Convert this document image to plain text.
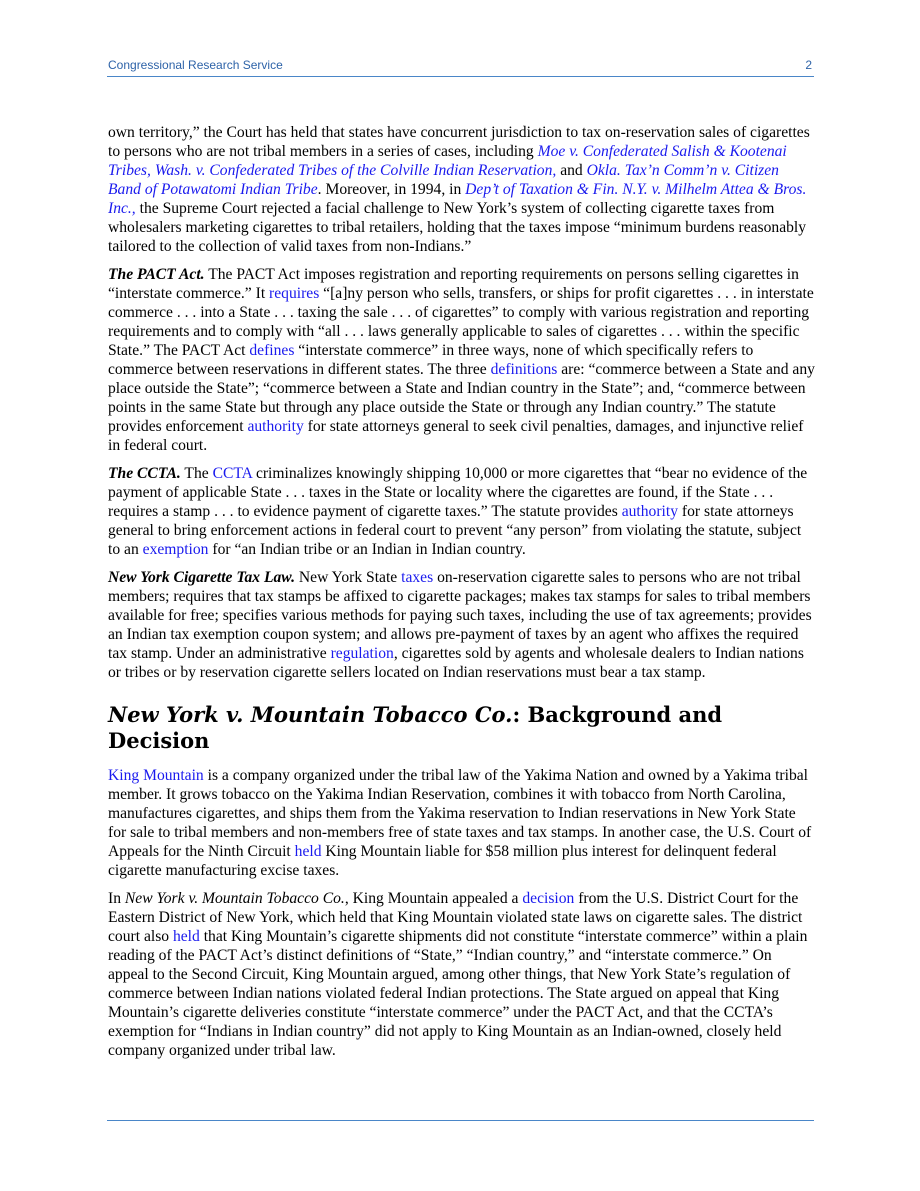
Congressional Research Service	2

own territory,” the Court has held that states have concurrent jurisdiction to tax on-reservation sales of cigarettes to persons who are not tribal members in a series of cases, including Moe v. Confederated Salish & Kootenai Tribes, Wash. v. Confederated Tribes of the Colville Indian Reservation, and Okla. Tax’n Comm’n v. Citizen Band of Potawatomi Indian Tribe. Moreover, in 1994, in Dep’t of Taxation & Fin. N.Y. v. Milhelm Attea & Bros. Inc., the Supreme Court rejected a facial challenge to New York’s system of collecting cigarette taxes from wholesalers marketing cigarettes to tribal retailers, holding that the taxes impose “minimum burdens reasonably tailored to the collection of valid taxes from non-Indians.”

The PACT Act. The PACT Act imposes registration and reporting requirements on persons selling cigarettes in “interstate commerce.” It requires “[a]ny person who sells, transfers, or ships for profit cigarettes . . . in interstate commerce . . . into a State . . . taxing the sale . . . of cigarettes” to comply with various registration and reporting requirements and to comply with “all . . . laws generally applicable to sales of cigarettes . . . within the specific State.” The PACT Act defines “interstate commerce” in three ways, none of which specifically refers to commerce between reservations in different states. The three definitions are: “commerce between a State and any place outside the State”; “commerce between a State and Indian country in the State”; and, “commerce between points in the same State but through any place outside the State or through any Indian country.” The statute provides enforcement authority for state attorneys general to seek civil penalties, damages, and injunctive relief in federal court.

The CCTA. The CCTA criminalizes knowingly shipping 10,000 or more cigarettes that “bear no evidence of the payment of applicable State . . . taxes in the State or locality where the cigarettes are found, if the State . . . requires a stamp . . . to evidence payment of cigarette taxes.” The statute provides authority for state attorneys general to bring enforcement actions in federal court to prevent “any person” from violating the statute, subject to an exemption for “an Indian tribe or an Indian in Indian country.

New York Cigarette Tax Law. New York State taxes on-reservation cigarette sales to persons who are not tribal members; requires that tax stamps be affixed to cigarette packages; makes tax stamps for sales to tribal members available for free; specifies various methods for paying such taxes, including the use of tax agreements; provides an Indian tax exemption coupon system; and allows pre-payment of taxes by an agent who affixes the required tax stamp. Under an administrative regulation, cigarettes sold by agents and wholesale dealers to Indian nations or tribes or by reservation cigarette sellers located on Indian reservations must bear a tax stamp.

New York v. Mountain Tobacco Co.: Background and Decision

King Mountain is a company organized under the tribal law of the Yakima Nation and owned by a Yakima tribal member. It grows tobacco on the Yakima Indian Reservation, combines it with tobacco from North Carolina, manufactures cigarettes, and ships them from the Yakima reservation to Indian reservations in New York State for sale to tribal members and non-members free of state taxes and tax stamps. In another case, the U.S. Court of Appeals for the Ninth Circuit held King Mountain liable for $58 million plus interest for delinquent federal cigarette manufacturing excise taxes.

In New York v. Mountain Tobacco Co., King Mountain appealed a decision from the U.S. District Court for the Eastern District of New York, which held that King Mountain violated state laws on cigarette sales. The district court also held that King Mountain’s cigarette shipments did not constitute “interstate commerce” within a plain reading of the PACT Act’s distinct definitions of “State,” “Indian country,” and “interstate commerce.” On appeal to the Second Circuit, King Mountain argued, among other things, that New York State’s regulation of commerce between Indian nations violated federal Indian protections. The State argued on appeal that King Mountain’s cigarette deliveries constitute “interstate commerce” under the PACT Act, and that the CCTA’s exemption for “Indians in Indian country” did not apply to King Mountain as an Indian-owned, closely held company organized under tribal law.
